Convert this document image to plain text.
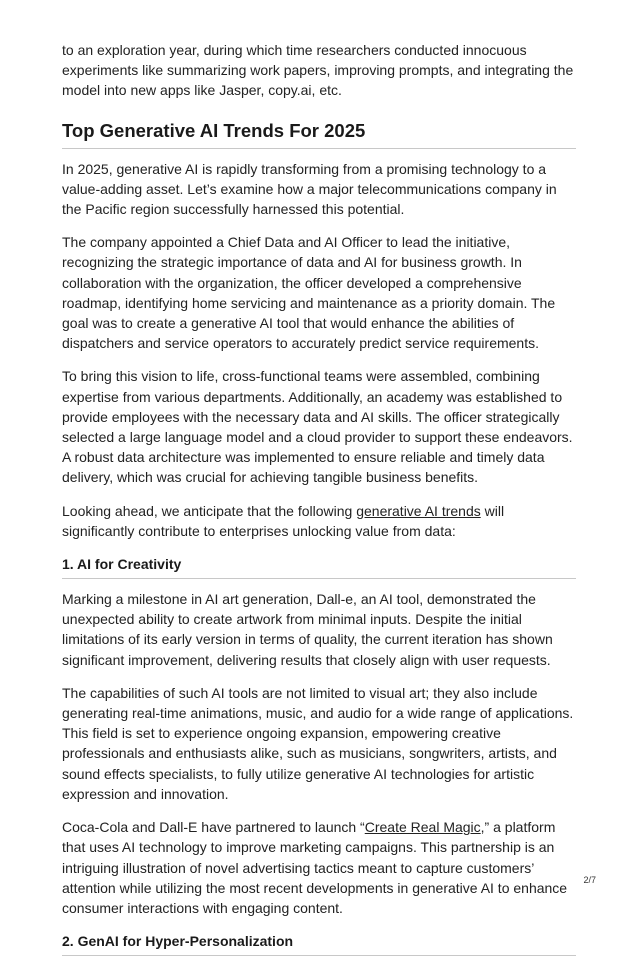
to an exploration year, during which time researchers conducted innocuous experiments like summarizing work papers, improving prompts, and integrating the model into new apps like Jasper, copy.ai, etc.

Top Generative AI Trends For 2025

In 2025, generative AI is rapidly transforming from a promising technology to a value-adding asset. Let’s examine how a major telecommunications company in the Pacific region successfully harnessed this potential.

The company appointed a Chief Data and AI Officer to lead the initiative, recognizing the strategic importance of data and AI for business growth. In collaboration with the organization, the officer developed a comprehensive roadmap, identifying home servicing and maintenance as a priority domain. The goal was to create a generative AI tool that would enhance the abilities of dispatchers and service operators to accurately predict service requirements.

To bring this vision to life, cross-functional teams were assembled, combining expertise from various departments. Additionally, an academy was established to provide employees with the necessary data and AI skills. The officer strategically selected a large language model and a cloud provider to support these endeavors. A robust data architecture was implemented to ensure reliable and timely data delivery, which was crucial for achieving tangible business benefits.

Looking ahead, we anticipate that the following generative AI trends will significantly contribute to enterprises unlocking value from data:

1. AI for Creativity

Marking a milestone in AI art generation, Dall-e, an AI tool, demonstrated the unexpected ability to create artwork from minimal inputs. Despite the initial limitations of its early version in terms of quality, the current iteration has shown significant improvement, delivering results that closely align with user requests.

The capabilities of such AI tools are not limited to visual art; they also include generating real-time animations, music, and audio for a wide range of applications. This field is set to experience ongoing expansion, empowering creative professionals and enthusiasts alike, such as musicians, songwriters, artists, and sound effects specialists, to fully utilize generative AI technologies for artistic expression and innovation.

Coca-Cola and Dall-E have partnered to launch “Create Real Magic,” a platform that uses AI technology to improve marketing campaigns. This partnership is an intriguing illustration of novel advertising tactics meant to capture customers’ attention while utilizing the most recent developments in generative AI to enhance consumer interactions with engaging content.

2. GenAI for Hyper-Personalization
2/7
